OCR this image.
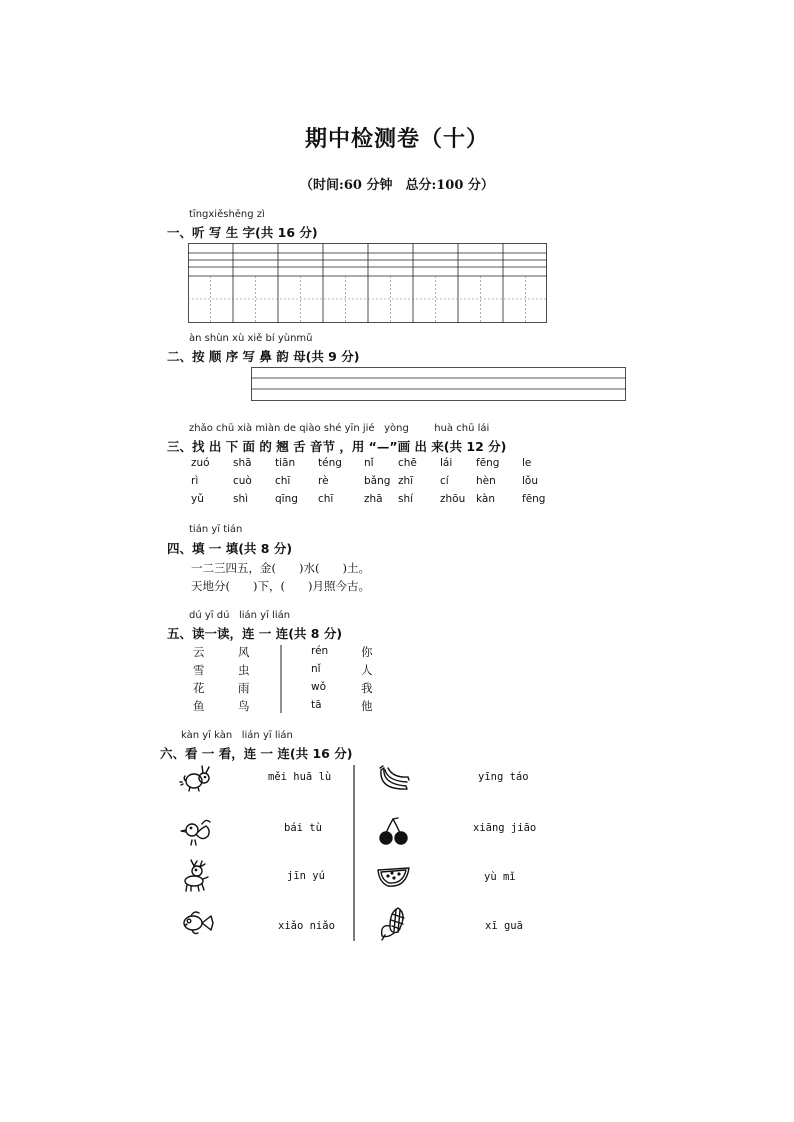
期中检测卷（十）
（时间:60 分钟　总分:100 分）
tīngxiěshēng zì
一、听 写 生 字(共 16 分)
àn shùn xù xiě bí yùnmǔ
二、按 顺 序 写 鼻 韵 母(共 9 分)
zhǎo chū xià miàn de qiào shé yīn jié   yòng        huà chū lái
三、找 出 下 面 的 翘 舌 音节 ，用 “—”画 出 来(共 12 分)
zuó shā tiān téng nǐ chē lái fēng le
rì	cuò chī	rè	bǎng zhī	cí	hèn lǒu
yǔ	shì	qīng chī	zhā shí	zhōu kàn	fēng
tián yī tián
四、填 一 填(共 8 分)
一二三四五，金(　　)水(　　)土。
天地分(　　)下，(　　)月照今古。
dú yī dú   lián yī lián
五、读一读，连 一 连(共 8 分)
云	风
雪	虫
花	雨
鱼	鸟
rén	你
nǐ	人
wǒ	我
tā	他
kàn yī kàn   lián yī lián
六、看 一 看，连 一 连(共 16 分)
měi huā lù
bái tù
jīn yú
xiǎo niǎo
yīng táo
xiāng jiāo
yù mǐ
xī guā
